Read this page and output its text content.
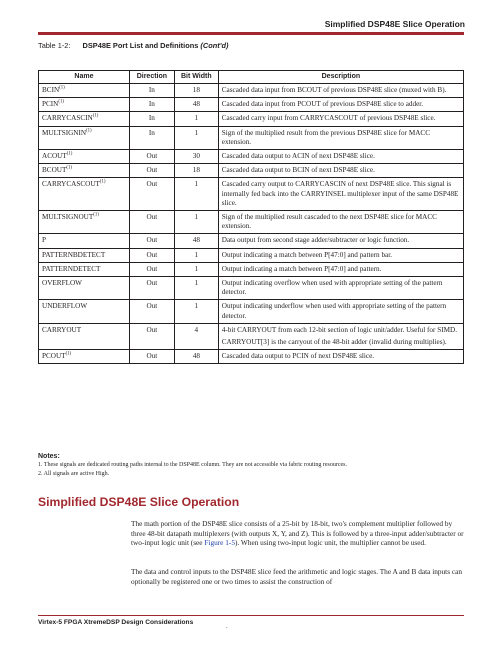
Simplified DSP48E Slice Operation
Table 1-2: DSP48E Port List and Definitions (Cont'd)
Name	Direction	Bit Width	Description
BCIN$^{(1)}$	In	18	Cascaded data input from BCOUT of previous DSP48E slice (muxed with B).

PCIN$^{(1)}$	In	48	Cascaded data input from PCOUT of previous DSP48E slice to adder.

CARRYCASCIN$^{(1)}$	In	1	Cascaded carry input from CARRYCASCOUT of previous DSP48E slice.

MULTSIGNIN$^{(1)}$	In	1	Sign of the multiplied result from the previous DSP48E slice for MACC extension.

ACOUT$^{(1)}$	Out	30	Cascaded data output to ACIN of next DSP48E slice.

BCOUT$^{(1)}$	Out	18	Cascaded data output to BCIN of next DSP48E slice.

CARRYCASCOUT$^{(1)}$	Out	1	Cascaded carry output to CARRYCASCIN of next DSP48E slice. This signal is internally fed back into the CARRYINSEL multiplexer input of the same DSP48E slice.

MULTSIGNOUT$^{(1)}$	Out	1	Sign of the multiplied result cascaded to the next DSP48E slice for MACC extension.

P	Out	48	Data output from second stage adder/subtracter or logic function.

PATTERNBDETECT	Out	1	Output indicating a match between P[47:0] and pattern bar.

PATTERNDETECT	Out	1	Output indicating a match between P[47:0] and pattern.

OVERFLOW	Out	1	Output indicating overflow when used with appropriate setting of the pattern detector.

UNDERFLOW	Out	1	Output indicating underflow when used with appropriate setting of the pattern detector.

CARRYOUT	Out	4	4-bit CARRYOUT from each 12-bit section of logic unit/adder. Useful for SIMD.

CARRYOUT[3] is the carryout of the 48-bit adder (invalid during multiplies).

PCOUT$^{(1)}$	Out	48	Cascaded data output to PCIN of next DSP48E slice.

Notes:
1. These signals are dedicated routing paths internal to the DSP48E column. They are not accessible via fabric routing resources.
2. All signals are active High.
Simplified DSP48E Slice Operation

The math portion of the DSP48E slice consists of a 25-bit by 18-bit, two's complement multiplier followed by three 48-bit datapath multiplexers (with outputs X, Y, and Z). This is followed by a three-input adder/subtracter or two-input logic unit (see Figure 1-5). When using two-input logic unit, the multiplier cannot be used.

The data and control inputs to the DSP48E slice feed the arithmetic and logic stages. The A and B data inputs can optionally be registered one or two times to assist the construction of

Virtex-5 FPGA XtremeDSP Design Considerations
.
